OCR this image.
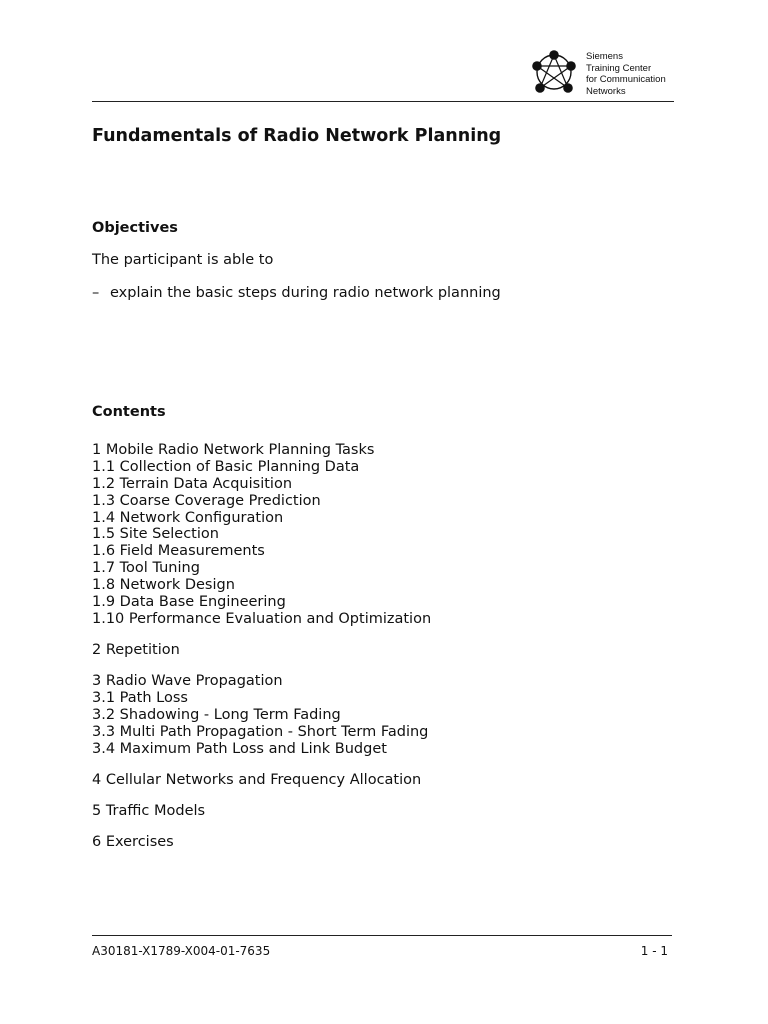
Siemens
Training Center
for Communication
Networks
Fundamentals of Radio Network Planning
Objectives
The participant is able to
– explain the basic steps during radio network planning
Contents
1 Mobile Radio Network Planning Tasks
1.1 Collection of Basic Planning Data
1.2 Terrain Data Acquisition
1.3 Coarse Coverage Prediction
1.4 Network Configuration
1.5 Site Selection
1.6 Field Measurements
1.7 Tool Tuning
1.8 Network Design
1.9 Data Base Engineering
1.10 Performance Evaluation and Optimization
2 Repetition
3 Radio Wave Propagation
3.1 Path Loss
3.2 Shadowing - Long Term Fading
3.3 Multi Path Propagation - Short Term Fading
3.4 Maximum Path Loss and Link Budget
4 Cellular Networks and Frequency Allocation
5 Traffic Models
6 Exercises
A30181-X1789-X004-01-7635	1 - 1
